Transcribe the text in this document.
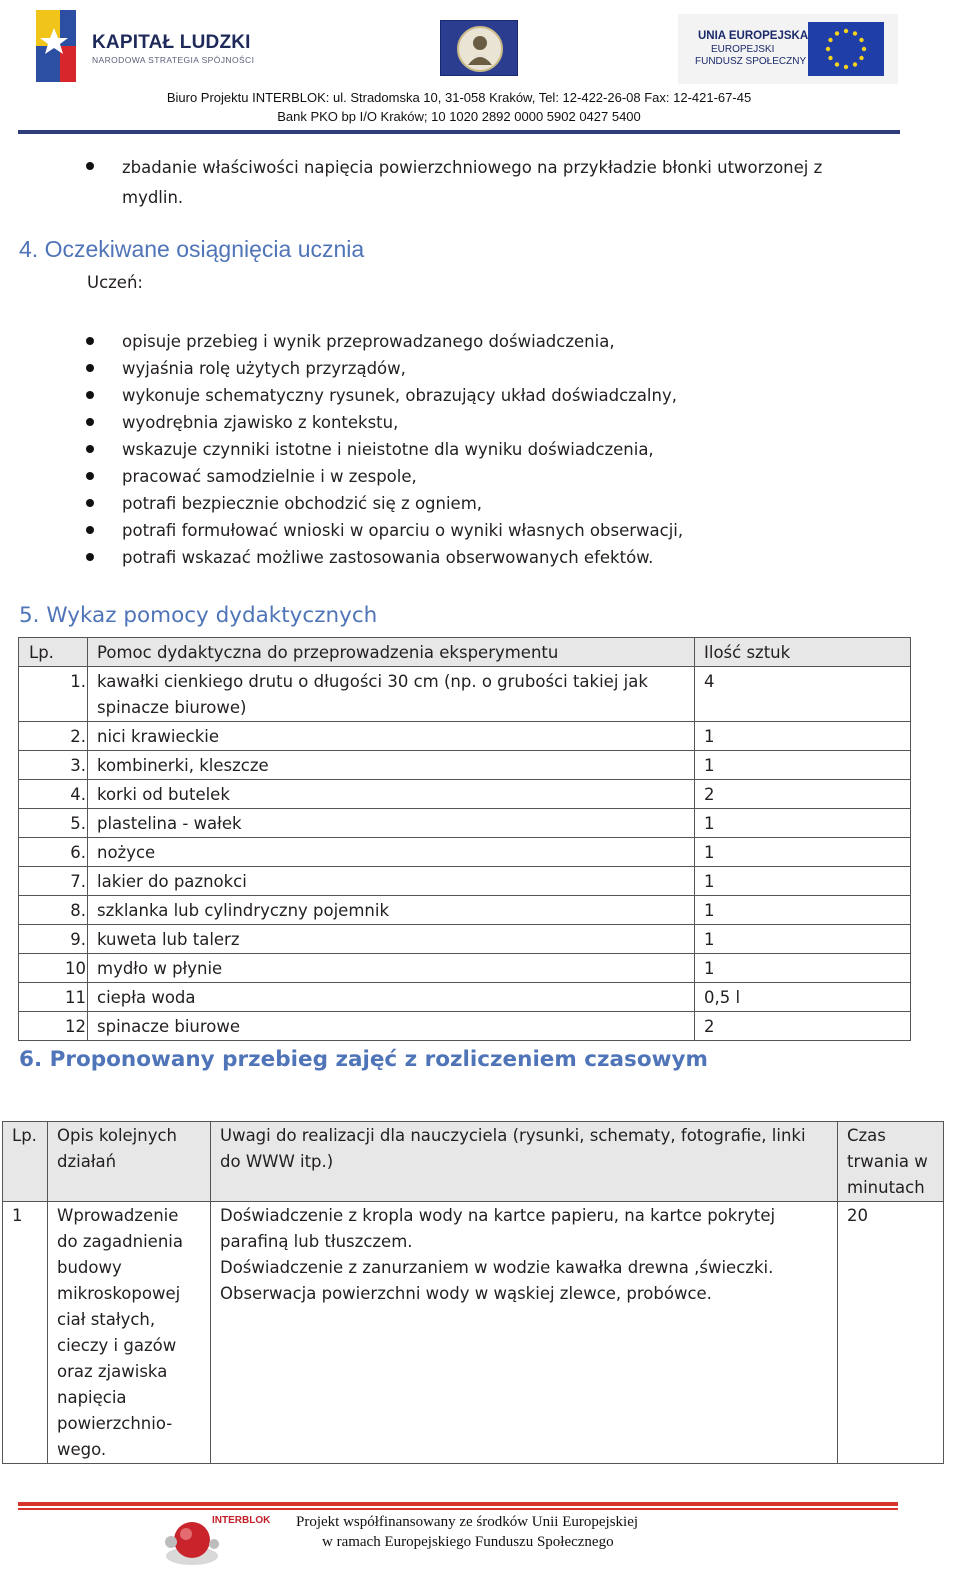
KAPITAŁ LUDZKI
NARODOWA STRATEGIA SPÓJNOŚCI
UNIA EUROPEJSKA
EUROPEJSKI
FUNDUSZ SPOŁECZNY
Biuro Projektu INTERBLOK: ul. Stradomska 10, 31-058 Kraków, Tel: 12-422-26-08 Fax: 12-421-67-45
Bank PKO bp I/O Kraków; 10 1020 2892 0000 5902 0427 5400
zbadanie właściwości napięcia powierzchniowego na przykładzie błonki utworzonej z
mydlin.
4. Oczekiwane osiągnięcia ucznia
Uczeń:
opisuje przebieg i wynik przeprowadzanego doświadczenia,
wyjaśnia rolę użytych przyrządów,
wykonuje schematyczny rysunek, obrazujący układ doświadczalny,
wyodrębnia zjawisko z kontekstu,
wskazuje czynniki istotne i nieistotne dla wyniku doświadczenia,
pracować samodzielnie i w zespole,
potrafi bezpiecznie obchodzić się z ogniem,
potrafi formułować wnioski w oparciu o wyniki własnych obserwacji,
potrafi wskazać możliwe zastosowania obserwowanych efektów.
5. Wykaz pomocy dydaktycznych
Lp.	Pomoc dydaktyczna do przeprowadzenia eksperymentu	Ilość sztuk
1.	kawałki cienkiego drutu o długości 30 cm (np. o grubości takiej jak spinacze biurowe)	4
2.	nici krawieckie	1
3.	kombinerki, kleszcze	1
4.	korki od butelek	2
5.	plastelina - wałek	1
6.	nożyce	1
7.	lakier do paznokci	1
8.	szklanka lub cylindryczny pojemnik	1
9.	kuweta lub talerz	1
10	mydło w płynie	1
11	ciepła woda	0,5 l
12	spinacze biurowe	2
6. Proponowany przebieg zajęć z rozliczeniem czasowym
Lp.	Opis kolejnych działań	Uwagi do realizacji dla nauczyciela (rysunki, schematy, fotografie, linki do WWW itp.)	Czas trwania w minutach
1	Wprowadzenie do zagadnienia budowy mikroskopowej ciał stałych, cieczy i gazów oraz zjawiska napięcia powierzchnio-wego.	Doświadczenie z kropla wody na kartce papieru, na kartce pokrytej parafiną lub tłuszczem.
Doświadczenie z zanurzaniem w wodzie kawałka drewna ,świeczki.
Obserwacja powierzchni wody w wąskiej zlewce, probówce.	20
INTERBLOK Projekt współfinansowany ze środków Unii Europejskiej
w ramach Europejskiego Funduszu Społecznego
